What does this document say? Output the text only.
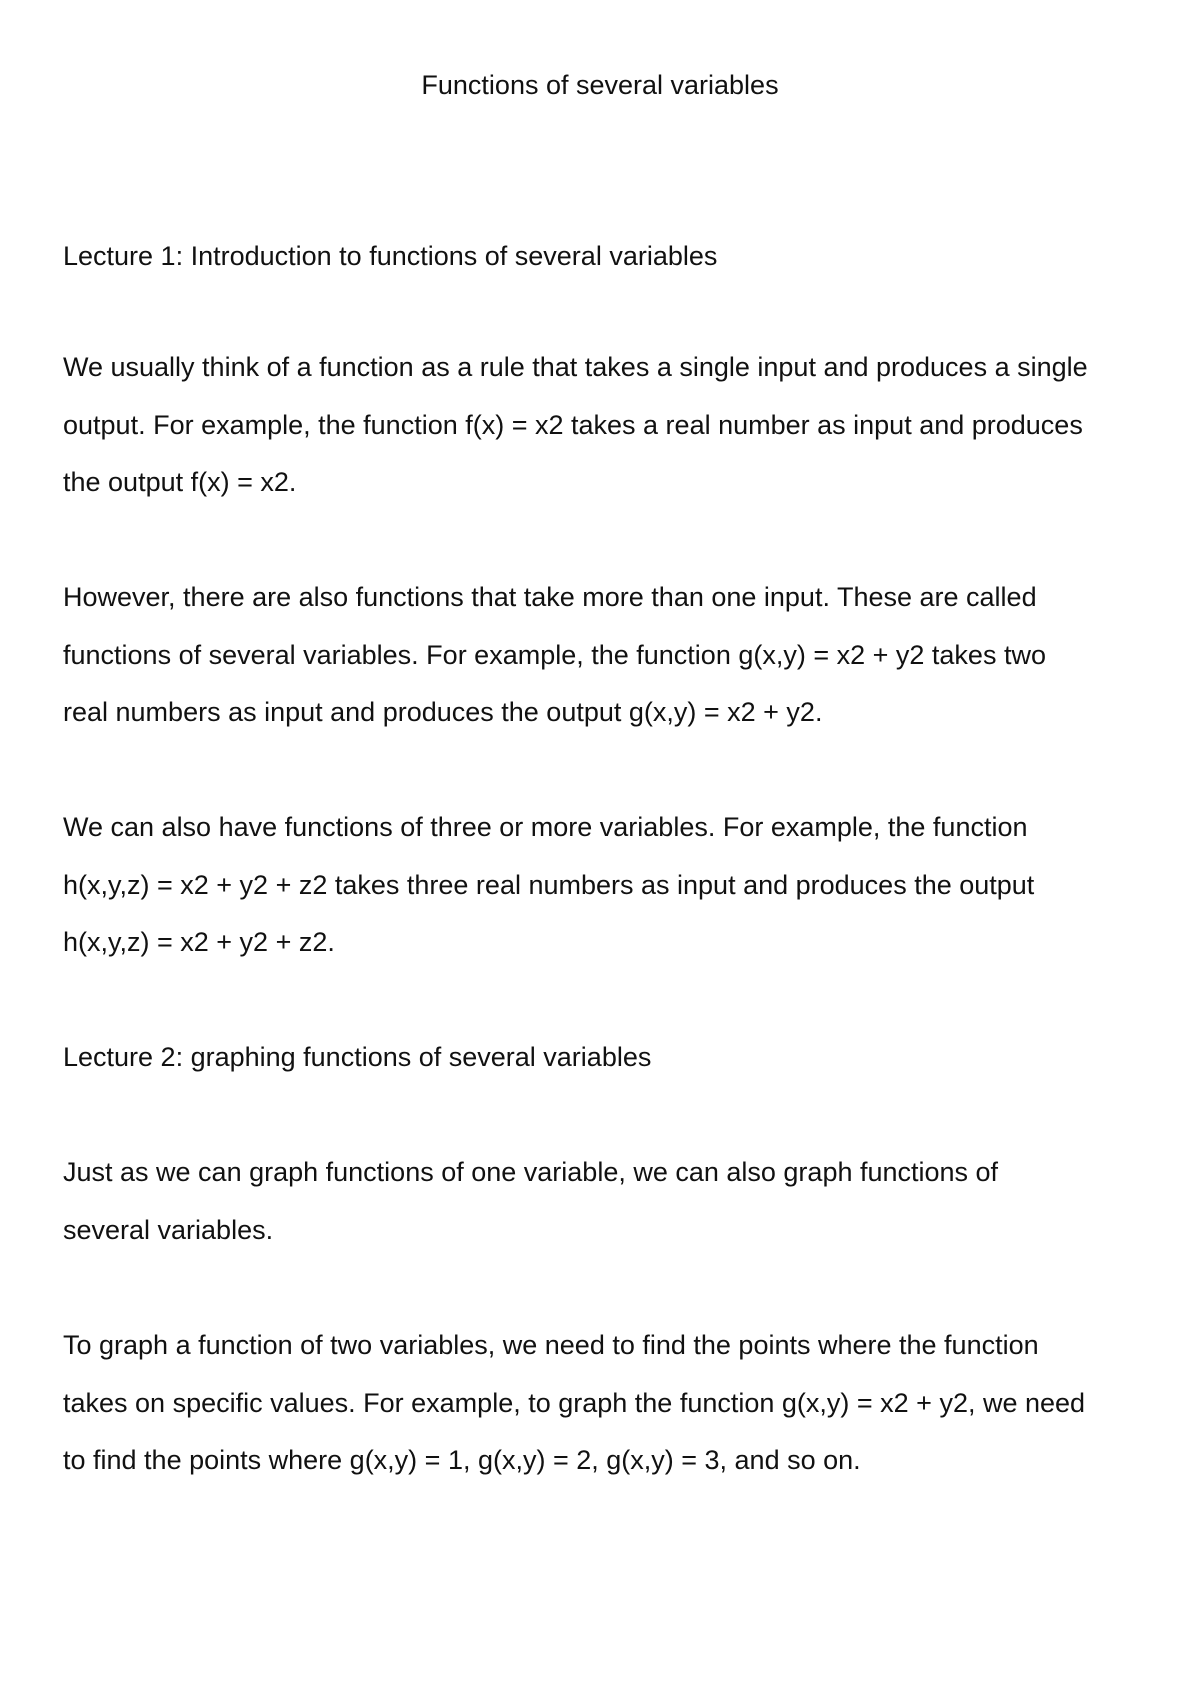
Functions of several variables
Lecture 1: Introduction to functions of several variables

We usually think of a function as a rule that takes a single input and produces a single
output. For example, the function f(x) = x2 takes a real number as input and produces
the output f(x) = x2.

However, there are also functions that take more than one input. These are called
functions of several variables. For example, the function g(x,y) = x2 + y2 takes two
real numbers as input and produces the output g(x,y) = x2 + y2.

We can also have functions of three or more variables. For example, the function
h(x,y,z) = x2 + y2 + z2 takes three real numbers as input and produces the output
h(x,y,z) = x2 + y2 + z2.

Lecture 2: graphing functions of several variables

Just as we can graph functions of one variable, we can also graph functions of
several variables.

To graph a function of two variables, we need to find the points where the function
takes on specific values. For example, to graph the function g(x,y) = x2 + y2, we need
to find the points where g(x,y) = 1, g(x,y) = 2, g(x,y) = 3, and so on.
